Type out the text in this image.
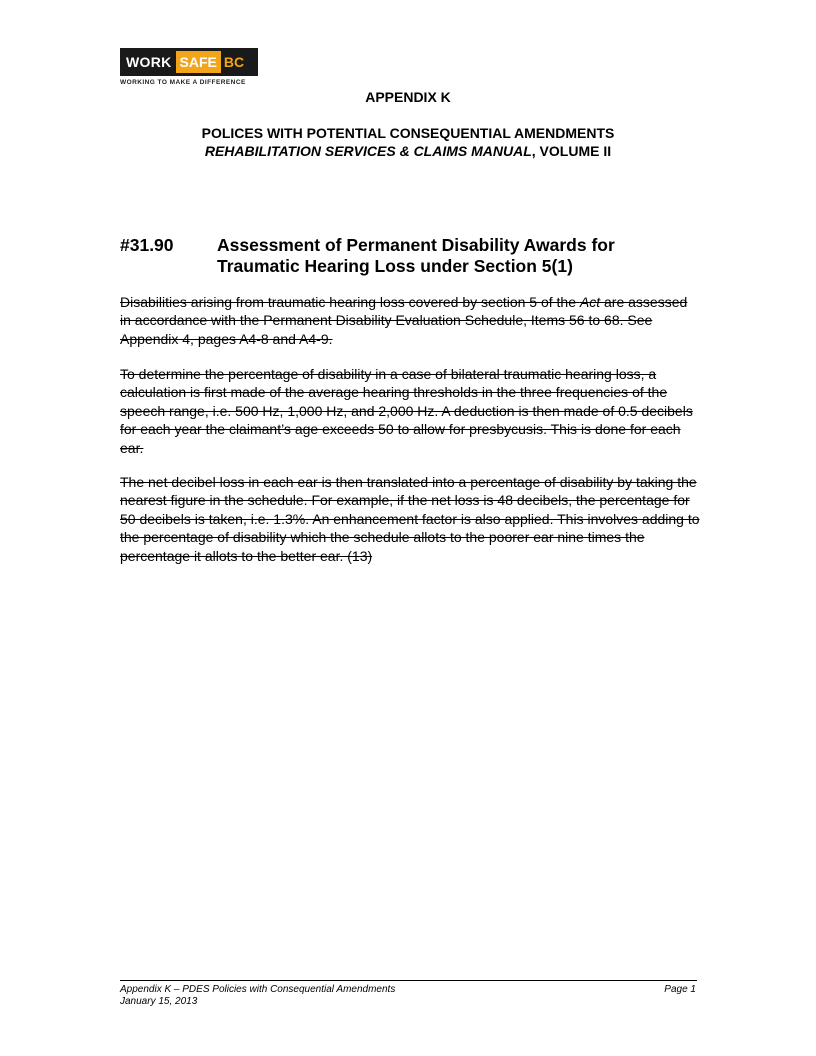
WORK SAFE BC
WORKING TO MAKE A DIFFERENCE
APPENDIX K
POLICES WITH POTENTIAL CONSEQUENTIAL AMENDMENTS
REHABILITATION SERVICES & CLAIMS MANUAL, VOLUME II
#31.90 Assessment of Permanent Disability Awards for Traumatic Hearing Loss under Section 5(1)

Disabilities arising from traumatic hearing loss covered by section 5 of the Act are assessed in accordance with the Permanent Disability Evaluation Schedule, Items 56 to 68. See Appendix 4, pages A4-8 and A4-9.

To determine the percentage of disability in a case of bilateral traumatic hearing loss, a calculation is first made of the average hearing thresholds in the three frequencies of the speech range, i.e. 500 Hz, 1,000 Hz, and 2,000 Hz. A deduction is then made of 0.5 decibels for each year the claimant’s age exceeds 50 to allow for presbycusis. This is done for each ear.

The net decibel loss in each ear is then translated into a percentage of disability by taking the nearest figure in the schedule. For example, if the net loss is 48 decibels, the percentage for 50 decibels is taken, i.e. 1.3%. An enhancement factor is also applied. This involves adding to the percentage of disability which the schedule allots to the poorer ear nine times the percentage it allots to the better ear. (13)

Appendix K – PDES Policies with Consequential Amendments
January 15, 2013
Page 1
